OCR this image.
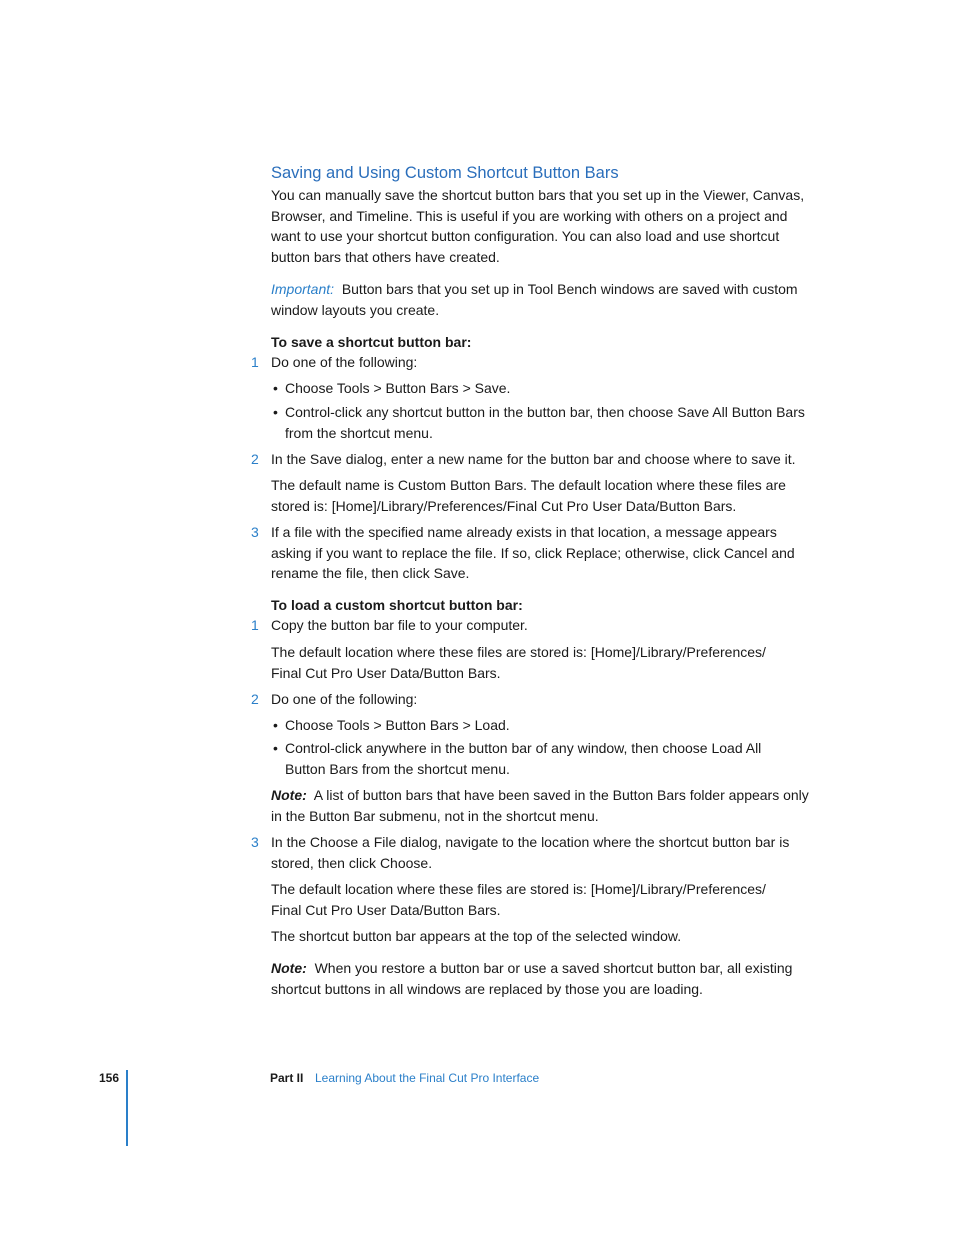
Saving and Using Custom Shortcut Button Bars
You can manually save the shortcut button bars that you set up in the Viewer, Canvas,
Browser, and Timeline. This is useful if you are working with others on a project and
want to use your shortcut button configuration. You can also load and use shortcut
button bars that others have created.
Important: Button bars that you set up in Tool Bench windows are saved with custom
window layouts you create.
To save a shortcut button bar:
1 Do one of the following:
• Choose Tools > Button Bars > Save.
• Control-click any shortcut button in the button bar, then choose Save All Button Bars
from the shortcut menu.
2 In the Save dialog, enter a new name for the button bar and choose where to save it.
The default name is Custom Button Bars. The default location where these files are
stored is: [Home]/Library/Preferences/Final Cut Pro User Data/Button Bars.
3 If a file with the specified name already exists in that location, a message appears
asking if you want to replace the file. If so, click Replace; otherwise, click Cancel and
rename the file, then click Save.
To load a custom shortcut button bar:
1 Copy the button bar file to your computer.
The default location where these files are stored is: [Home]/Library/Preferences/
Final Cut Pro User Data/Button Bars.
2 Do one of the following:
• Choose Tools > Button Bars > Load.
• Control-click anywhere in the button bar of any window, then choose Load All
Button Bars from the shortcut menu.
Note: A list of button bars that have been saved in the Button Bars folder appears only
in the Button Bar submenu, not in the shortcut menu.
3 In the Choose a File dialog, navigate to the location where the shortcut button bar is
stored, then click Choose.
The default location where these files are stored is: [Home]/Library/Preferences/
Final Cut Pro User Data/Button Bars.
The shortcut button bar appears at the top of the selected window.
Note: When you restore a button bar or use a saved shortcut button bar, all existing
shortcut buttons in all windows are replaced by those you are loading.
156	Part II Learning About the Final Cut Pro Interface
